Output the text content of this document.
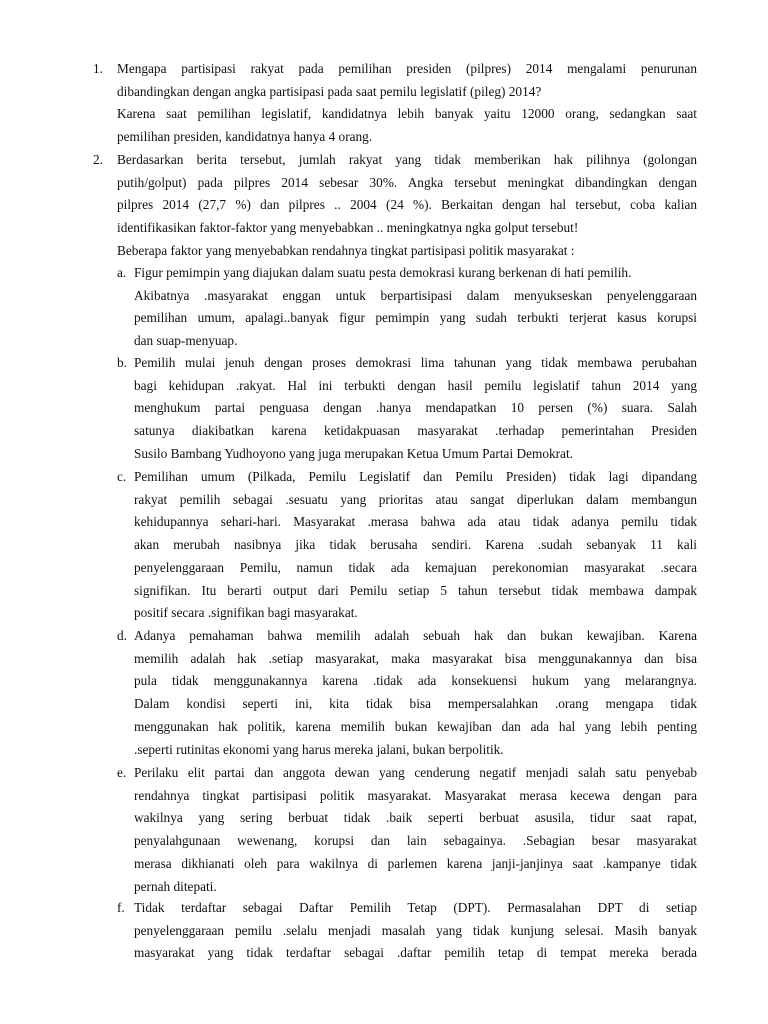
1. Mengapa partisipasi rakyat pada pemilihan presiden (pilpres) 2014 mengalami penurunan
dibandingkan dengan angka partisipasi pada saat pemilu legislatif (pileg) 2014?
Karena saat pemilihan legislatif, kandidatnya lebih banyak yaitu 12000 orang, sedangkan saat
pemilihan presiden, kandidatnya hanya 4 orang.
2. Berdasarkan berita tersebut, jumlah rakyat yang tidak memberikan hak pilihnya (golongan
putih/golput) pada pilpres 2014 sebesar 30%. Angka tersebut meningkat dibandingkan dengan
pilpres 2014 (27,7 %) dan pilpres .. 2004 (24 %). Berkaitan dengan hal tersebut, coba kalian
identifikasikan faktor-faktor yang menyebabkan .. meningkatnya ngka golput tersebut!
Beberapa faktor yang menyebabkan rendahnya tingkat partisipasi politik masyarakat :
a. Figur pemimpin yang diajukan dalam suatu pesta demokrasi kurang berkenan di hati pemilih.
Akibatnya .masyarakat enggan untuk berpartisipasi dalam menyukseskan penyelenggaraan
pemilihan umum, apalagi..banyak figur pemimpin yang sudah terbukti terjerat kasus korupsi
dan suap-menyuap.
b. Pemilih mulai jenuh dengan proses demokrasi lima tahunan yang tidak membawa perubahan
bagi kehidupan .rakyat. Hal ini terbukti dengan hasil pemilu legislatif tahun 2014 yang
menghukum partai penguasa dengan .hanya mendapatkan 10 persen (%) suara. Salah
satunya diakibatkan karena ketidakpuasan masyarakat .terhadap pemerintahan Presiden
Susilo Bambang Yudhoyono yang juga merupakan Ketua Umum Partai Demokrat.
c. Pemilihan umum (Pilkada, Pemilu Legislatif dan Pemilu Presiden) tidak lagi dipandang
rakyat pemilih sebagai .sesuatu yang prioritas atau sangat diperlukan dalam membangun
kehidupannya sehari-hari. Masyarakat .merasa bahwa ada atau tidak adanya pemilu tidak
akan merubah nasibnya jika tidak berusaha sendiri. Karena .sudah sebanyak 11 kali
penyelenggaraan Pemilu, namun tidak ada kemajuan perekonomian masyarakat .secara
signifikan. Itu berarti output dari Pemilu setiap 5 tahun tersebut tidak membawa dampak
positif secara .signifikan bagi masyarakat.
d. Adanya pemahaman bahwa memilih adalah sebuah hak dan bukan kewajiban. Karena
memilih adalah hak .setiap masyarakat, maka masyarakat bisa menggunakannya dan bisa
pula tidak menggunakannya karena .tidak ada konsekuensi hukum yang melarangnya.
Dalam kondisi seperti ini, kita tidak bisa mempersalahkan .orang mengapa tidak
menggunakan hak politik, karena memilih bukan kewajiban dan ada hal yang lebih penting
.seperti rutinitas ekonomi yang harus mereka jalani, bukan berpolitik.
e. Perilaku elit partai dan anggota dewan yang cenderung negatif menjadi salah satu penyebab
rendahnya tingkat partisipasi politik masyarakat. Masyarakat merasa kecewa dengan para
wakilnya yang sering berbuat tidak .baik seperti berbuat asusila, tidur saat rapat,
penyalahgunaan wewenang, korupsi dan lain sebagainya. .Sebagian besar masyarakat
merasa dikhianati oleh para wakilnya di parlemen karena janji-janjinya saat .kampanye tidak
pernah ditepati.
f. Tidak terdaftar sebagai Daftar Pemilih Tetap (DPT). Permasalahan DPT di setiap
penyelenggaraan pemilu .selalu menjadi masalah yang tidak kunjung selesai. Masih banyak
masyarakat yang tidak terdaftar sebagai .daftar pemilih tetap di tempat mereka berada
